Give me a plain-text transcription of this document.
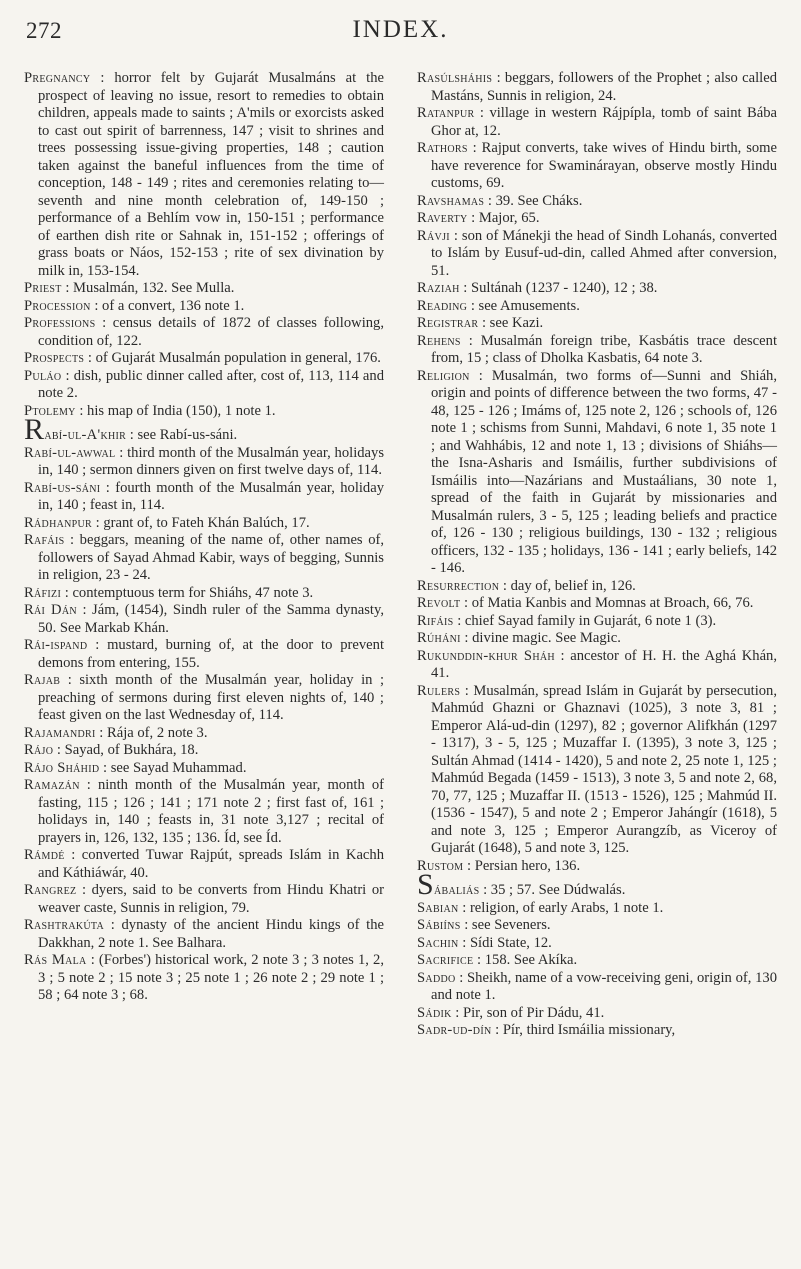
272	INDEX.
Pregnancy : horror felt by Gujarát Musalmáns at the prospect of leaving no issue, resort to remedies to obtain children, appeals made to saints ; A'mils or exorcists asked to cast out spirit of barrenness, 147 ; visit to shrines and trees possessing issue-giving properties, 148 ; caution taken against the baneful influences from the time of conception, 148 - 149 ; rites and ceremonies relating to—seventh and nine month celebration of, 149-150 ; performance of a Behlím vow in, 150-151 ; performance of earthen dish rite or Sahnak in, 151-152 ; offerings of grass boats or Náos, 152-153 ; rite of sex divination by milk in, 153-154.
Priest : Musalmán, 132. See Mulla.
Procession : of a convert, 136 note 1.
Professions : census details of 1872 of classes following, condition of, 122.
Prospects : of Gujarát Musalmán population in general, 176.
Puláo : dish, public dinner called after, cost of, 113, 114 and note 2.
Ptolemy : his map of India (150), 1 note 1.
Rabí-ul-A'khir : see Rabí-us-sáni.
Rabí-ul-awwal : third month of the Musalmán year, holidays in, 140 ; sermon dinners given on first twelve days of, 114.
Rabí-us-sáni : fourth month of the Musalmán year, holiday in, 140 ; feast in, 114.
Rádhanpur : grant of, to Fateh Khán Balúch, 17.
Rafáis : beggars, meaning of the name of, other names of, followers of Sayad Ahmad Kabir, ways of begging, Sunnis in religion, 23 - 24.
Ráfizi : contemptuous term for Shiáhs, 47 note 3.
Rái Dán : Jám, (1454), Sindh ruler of the Samma dynasty, 50. See Markab Khán.
Rái-ispand : mustard, burning of, at the door to prevent demons from entering, 155.
Rajab : sixth month of the Musalmán year, holiday in ; preaching of sermons during first eleven nights of, 140 ; feast given on the last Wednesday of, 114.
Rajamandri : Rája of, 2 note 3.
Rájo : Sayad, of Bukhára, 18.
Rájo Sháhid : see Sayad Muhammad.
Ramazán : ninth month of the Musalmán year, month of fasting, 115 ; 126 ; 141 ; 171 note 2 ; first fast of, 161 ; holidays in, 140 ; feasts in, 31 note 3,127 ; recital of prayers in, 126, 132, 135 ; 136. Íd, see Íd.
Rámdé : converted Tuwar Rajpút, spreads Islám in Kachh and Káthiáwár, 40.
Rangrez : dyers, said to be converts from Hindu Khatri or weaver caste, Sunnis in religion, 79.
Rashtrakúta : dynasty of the ancient Hindu kings of the Dakkhan, 2 note 1. See Balhara.
Rás Mala : (Forbes') historical work, 2 note 3 ; 3 notes 1, 2, 3 ; 5 note 2 ; 15 note 3 ; 25 note 1 ; 26 note 2 ; 29 note 1 ; 58 ; 64 note 3 ; 68.
Rasúlsháhis : beggars, followers of the Prophet ; also called Mastáns, Sunnis in religion, 24.
Ratanpur : village in western Rájpípla, tomb of saint Bába Ghor at, 12.
Rathors : Rajput converts, take wives of Hindu birth, some have reverence for Swaminárayan, observe mostly Hindu customs, 69.
Ravshamas : 39. See Cháks.
Raverty : Major, 65.
Rávji : son of Mánekji the head of Sindh Lohanás, converted to Islám by Eusuf-ud-din, called Ahmed after conversion, 51.
Raziah : Sultánah (1237 - 1240), 12 ; 38.
Reading : see Amusements.
Registrar : see Kazi.
Rehens : Musalmán foreign tribe, Kasbátis trace descent from, 15 ; class of Dholka Kasbatis, 64 note 3.
Religion : Musalmán, two forms of—Sunni and Shiáh, origin and points of difference between the two forms, 47 - 48, 125 - 126 ; Imáms of, 125 note 2, 126 ; schools of, 126 note 1 ; schisms from Sunni, Mahdavi, 6 note 1, 35 note 1 ; and Wahhábis, 12 and note 1, 13 ; divisions of Shiáhs—the Isna-Asharis and Ismáilis, further subdivisions of Ismáilis into—Nazárians and Mustaálians, 30 note 1, spread of the faith in Gujarát by missionaries and Musalmán rulers, 3 - 5, 125 ; leading beliefs and practice of, 126 - 130 ; religious buildings, 130 - 132 ; religious officers, 132 - 135 ; holidays, 136 - 141 ; early beliefs, 142 - 146.
Resurrection : day of, belief in, 126.
Revolt : of Matia Kanbis and Momnas at Broach, 66, 76.
Rifáis : chief Sayad family in Gujarát, 6 note 1 (3).
Rúháni : divine magic. See Magic.
Rukunddin-khur Sháh : ancestor of H. H. the Aghá Khán, 41.
Rulers : Musalmán, spread Islám in Gujarát by persecution, Mahmúd Ghazni or Ghaznavi (1025), 3 note 3, 81 ; Emperor Alá-ud-din (1297), 82 ; governor Alifkhán (1297 - 1317), 3 - 5, 125 ; Muzaffar I. (1395), 3 note 3, 125 ; Sultán Ahmad (1414 - 1420), 5 and note 2, 25 note 1, 125 ; Mahmúd Begada (1459 - 1513), 3 note 3, 5 and note 2, 68, 70, 77, 125 ; Muzaffar II. (1513 - 1526), 125 ; Mahmúd II. (1536 - 1547), 5 and note 2 ; Emperor Jahángír (1618), 5 and note 3, 125 ; Emperor Aurangzíb, as Viceroy of Gujarát (1648), 5 and note 3, 125.
Rustom : Persian hero, 136.
Sábaliás : 35 ; 57. See Dúdwalás.
Sabian : religion, of early Arabs, 1 note 1.
Sábiíns : see Seveners.
Sachin : Sídi State, 12.
Sacrifice : 158. See Akíka.
Saddo : Sheikh, name of a vow-receiving geni, origin of, 130 and note 1.
Sádik : Pir, son of Pir Dádu, 41.
Sadr-ud-dín : Pír, third Ismáilia missionary,
